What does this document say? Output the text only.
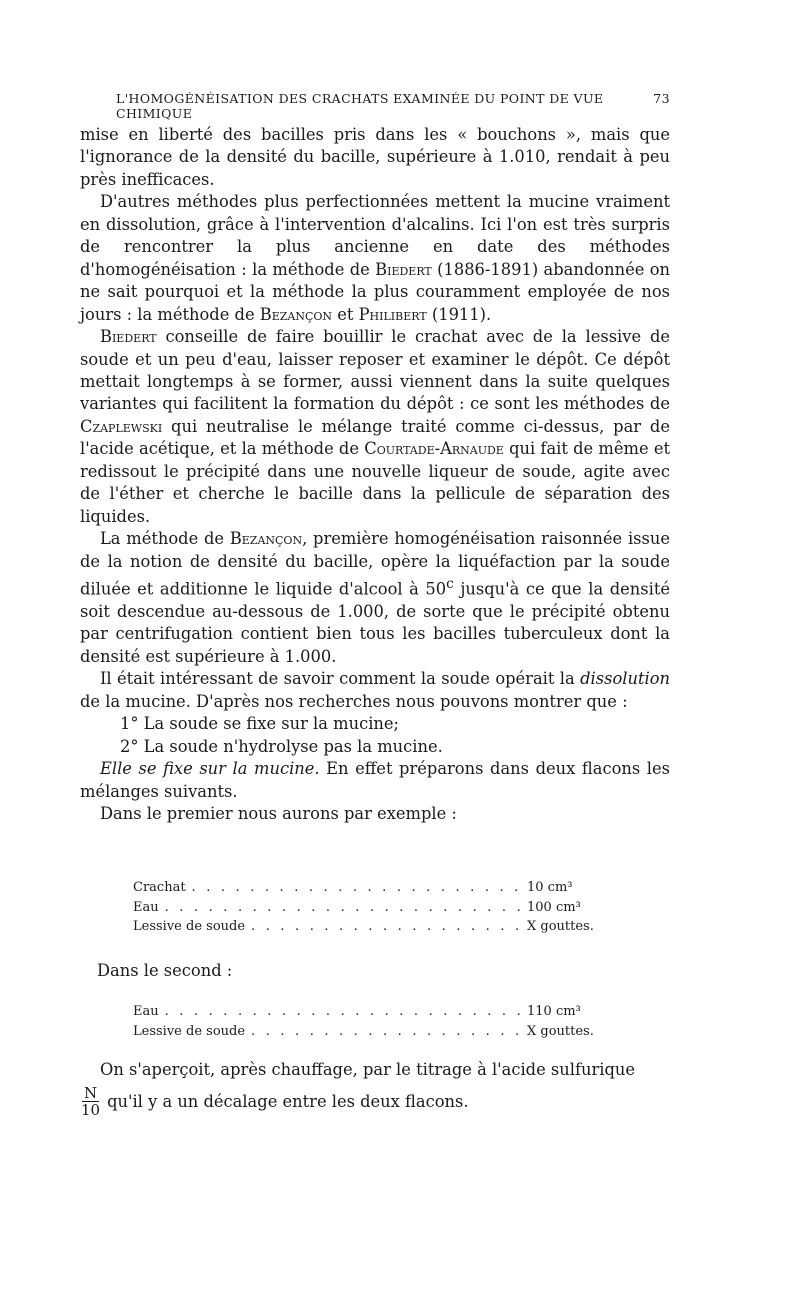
L'HOMOGÉNÉISATION DES CRACHATS EXAMINÉE DU POINT DE VUE CHIMIQUE
73

mise en liberté des bacilles pris dans les « bouchons », mais que l'ignorance de la densité du bacille, supérieure à 1.010, rendait à peu près inefficaces.

D'autres méthodes plus perfectionnées mettent la mucine vraiment en dissolution, grâce à l'intervention d'alcalins. Ici l'on est très surpris de rencontrer la plus ancienne en date des méthodes d'homogénéisation : la méthode de Biedert (1886-1891) abandonnée on ne sait pourquoi et la méthode la plus couramment employée de nos jours : la méthode de Bezançon et Philibert (1911).

Biedert conseille de faire bouillir le crachat avec de la lessive de soude et un peu d'eau, laisser reposer et examiner le dépôt. Ce dépôt mettait longtemps à se former, aussi viennent dans la suite quelques variantes qui facilitent la formation du dépôt : ce sont les méthodes de Czaplewski qui neutralise le mélange traité comme ci-dessus, par de l'acide acétique, et la méthode de Courtade-Arnaude qui fait de même et redissout le précipité dans une nouvelle liqueur de soude, agite avec de l'éther et cherche le bacille dans la pellicule de séparation des liquides.

La méthode de Bezançon, première homogénéisation raisonnée issue de la notion de densité du bacille, opère la liquéfaction par la soude diluée et additionne le liquide d'alcool à 50$^c$ jusqu'à ce que la densité soit descendue au-dessous de 1.000, de sorte que le précipité obtenu par centrifugation contient bien tous les bacilles tuberculeux dont la densité est supérieure à 1.000.

Il était intéressant de savoir comment la soude opérait la dissolution de la mucine. D'après nos recherches nous pouvons montrer que :

1° La soude se fixe sur la mucine;

2° La soude n'hydrolyse pas la mucine.

Elle se fixe sur la mucine. En effet préparons dans deux flacons les mélanges suivants.

Dans le premier nous aurons par exemple :

Crachat . . .	10 cm³
Eau . . .	100 cm³
Lessive de soude . . .	X gouttes.
Dans le second :
Eau . . .	110 cm³
Lessive de soude . . .	X gouttes.

On s'aperçoit, après chauffage, par le titrage à l'acide sulfurique

$\frac{N}{10} qu'il$ y a un décalage entre les deux flacons.
